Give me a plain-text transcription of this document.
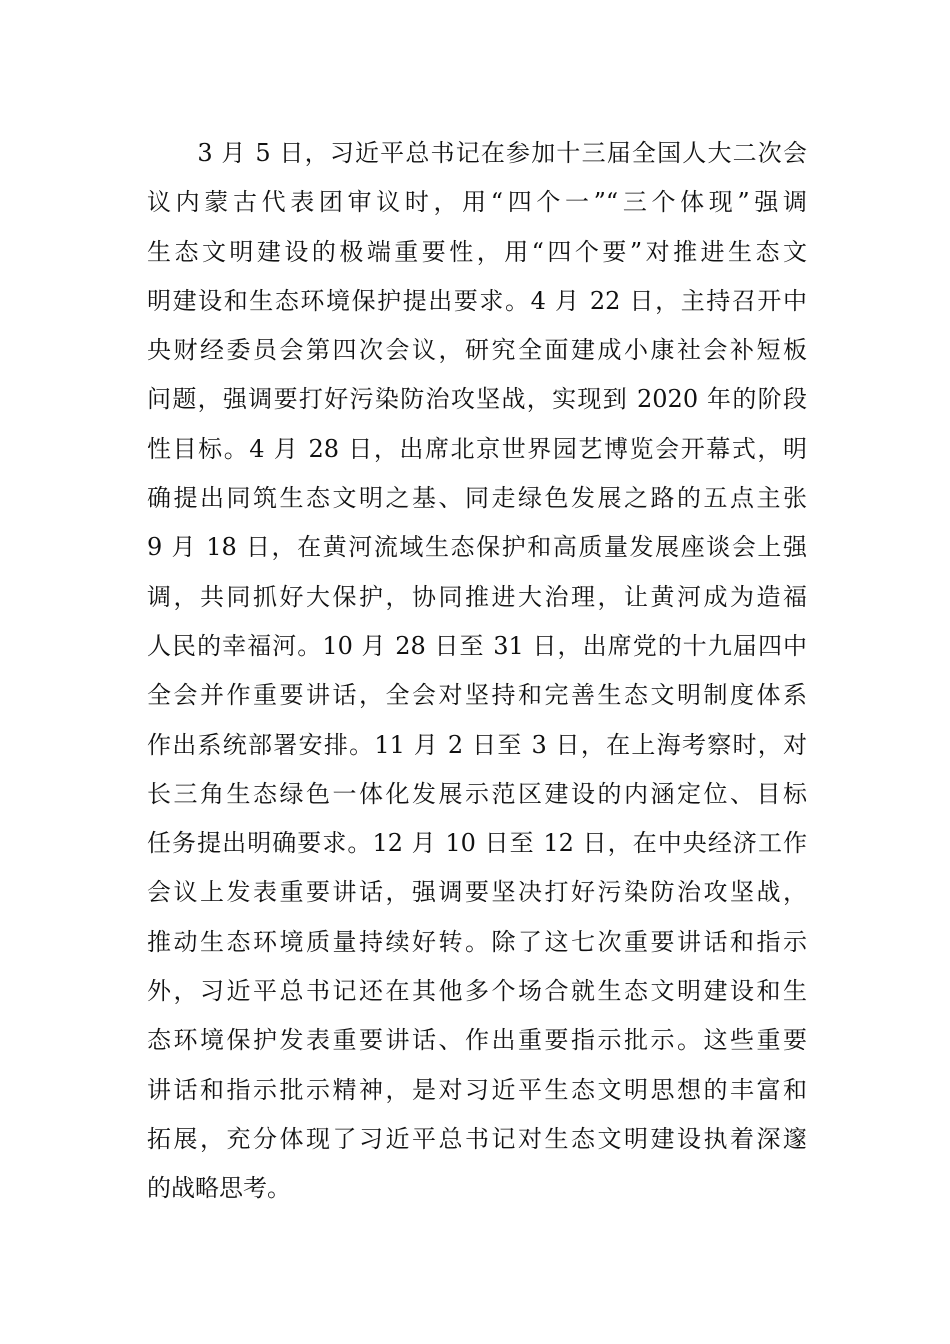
　　3 月 5 日，习近平总书记在参加十三届全国人大二次会
议内蒙古代表团审议时，用“四个一”“三个体现”强调
生态文明建设的极端重要性，用“四个要”对推进生态文
明建设和生态环境保护提出要求。4 月 22 日，主持召开中
央财经委员会第四次会议，研究全面建成小康社会补短板
问题，强调要打好污染防治攻坚战，实现到 2020 年的阶段
性目标。4 月 28 日，出席北京世界园艺博览会开幕式，明
确提出同筑生态文明之基、同走绿色发展之路的五点主张
9 月 18 日，在黄河流域生态保护和高质量发展座谈会上强
调，共同抓好大保护，协同推进大治理，让黄河成为造福
人民的幸福河。10 月 28 日至 31 日，出席党的十九届四中
全会并作重要讲话，全会对坚持和完善生态文明制度体系
作出系统部署安排。11 月 2 日至 3 日，在上海考察时，对
长三角生态绿色一体化发展示范区建设的内涵定位、目标
任务提出明确要求。12 月 10 日至 12 日，在中央经济工作
会议上发表重要讲话，强调要坚决打好污染防治攻坚战，
推动生态环境质量持续好转。除了这七次重要讲话和指示
外，习近平总书记还在其他多个场合就生态文明建设和生
态环境保护发表重要讲话、作出重要指示批示。这些重要
讲话和指示批示精神，是对习近平生态文明思想的丰富和
拓展，充分体现了习近平总书记对生态文明建设执着深邃
的战略思考。
